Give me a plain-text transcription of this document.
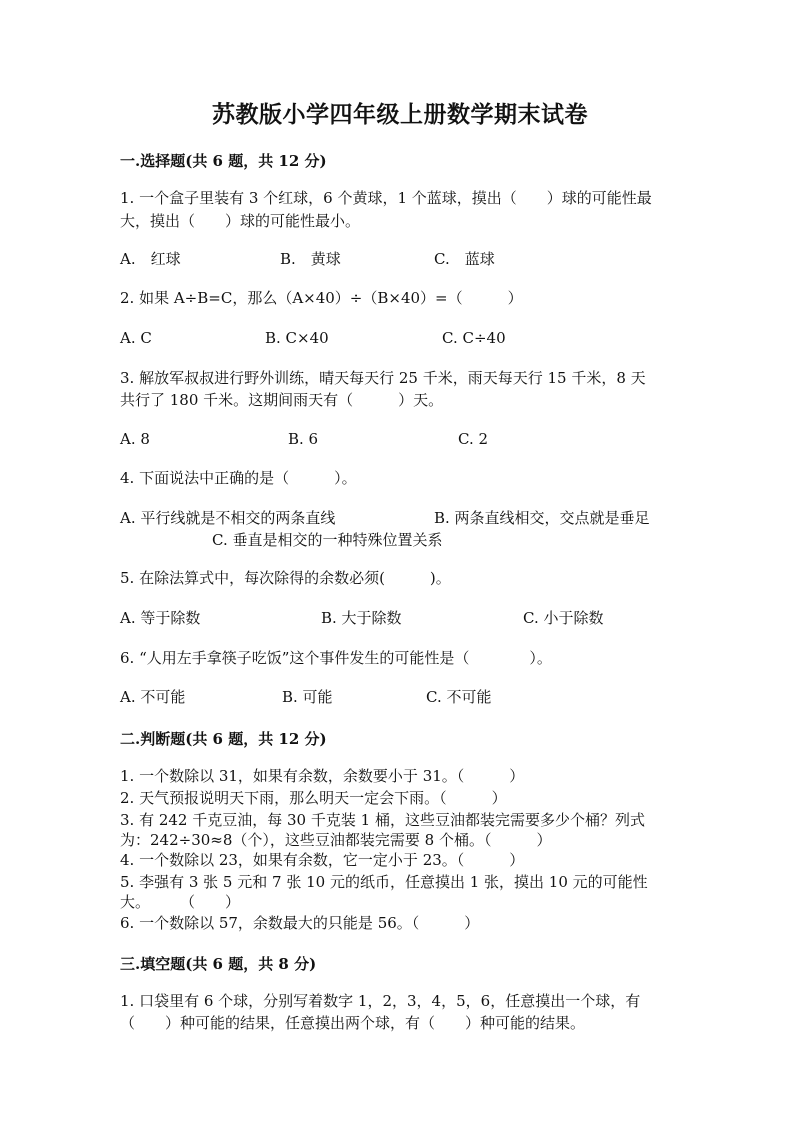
苏教版小学四年级上册数学期末试卷
一.选择题(共 6 题，共 12 分)
1. 一个盒子里装有 3 个红球，6 个黄球，1 个蓝球，摸出（　　）球的可能性最
大，摸出（　　）球的可能性最小。
A.　红球	B.　黄球	C.　蓝球
2. 如果 A÷B=C，那么（A×40）÷（B×40）=（　　　）
A. C	B. C×40	C. C÷40
3. 解放军叔叔进行野外训练，晴天每天行 25 千米，雨天每天行 15 千米，8 天
共行了 180 千米。这期间雨天有（　　　）天。
A. 8	B. 6	C. 2
4. 下面说法中正确的是（　　　）。
A. 平行线就是不相交的两条直线	B. 两条直线相交，交点就是垂足
C. 垂直是相交的一种特殊位置关系
5. 在除法算式中，每次除得的余数必须(　　　)。
A. 等于除数	B. 大于除数	C. 小于除数
6. “人用左手拿筷子吃饭”这个事件发生的可能性是（　　　　）。
A. 不可能	B. 可能	C. 不可能
二.判断题(共 6 题，共 12 分)
1. 一个数除以 31，如果有余数，余数要小于 31。（　　　）
2. 天气预报说明天下雨，那么明天一定会下雨。（　　　）
3. 有 242 千克豆油，每 30 千克装 1 桶，这些豆油都装完需要多少个桶？列式
为：242÷30≈8（个），这些豆油都装完需要 8 个桶。（　　　）
4. 一个数除以 23，如果有余数，它一定小于 23。（　　　）
5. 李强有 3 张 5 元和 7 张 10 元的纸币，任意摸出 1 张，摸出 10 元的可能性
大。　　　（　　）
6. 一个数除以 57，余数最大的只能是 56。（　　　）
三.填空题(共 6 题，共 8 分)
1. 口袋里有 6 个球，分别写着数字 1，2，3，4，5，6，任意摸出一个球，有
（　　）种可能的结果，任意摸出两个球，有（　　）种可能的结果。
